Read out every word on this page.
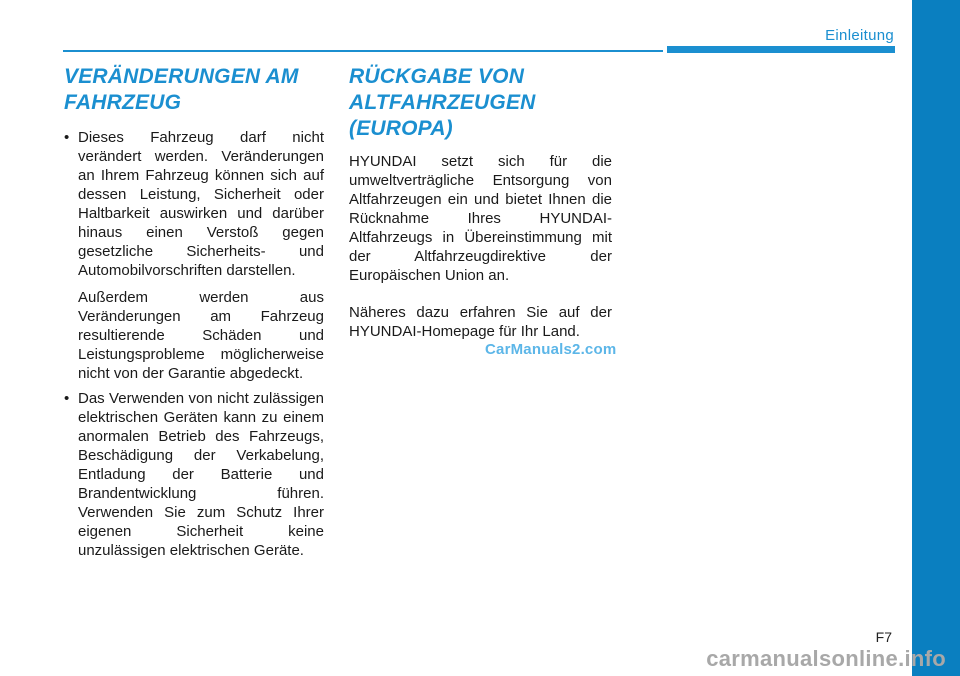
Einleitung
VERÄNDERUNGEN AM FAHRZEUG

• Dieses Fahrzeug darf nicht verändert werden. Veränderungen an Ihrem Fahrzeug können sich auf dessen Leistung, Sicherheit oder Haltbarkeit auswirken und darüber hinaus einen Verstoß gegen gesetzliche Sicherheits- und Automobilvorschriften darstellen.

Außerdem werden aus Veränderungen am Fahrzeug resultierende Schäden und Leistungsprobleme möglicherweise nicht von der Garantie abgedeckt.

• Das Verwenden von nicht zulässigen elektrischen Geräten kann zu einem anormalen Betrieb des Fahrzeugs, Beschädigung der Verkabelung, Entladung der Batterie und Brandentwicklung führen. Verwenden Sie zum Schutz Ihrer eigenen Sicherheit keine unzulässigen elektrischen Geräte.

RÜCKGABE VON ALTFAHRZEUGEN (EUROPA)

HYUNDAI setzt sich für die umweltverträgliche Entsorgung von Altfahrzeugen ein und bietet Ihnen die Rücknahme Ihres HYUNDAI-Altfahrzeugs in Übereinstimmung mit der Altfahrzeugdirektive der Europäischen Union an.

Näheres dazu erfahren Sie auf der HYUNDAI-Homepage für Ihr Land.

CarManuals2.com
F7
carmanualsonline.info
